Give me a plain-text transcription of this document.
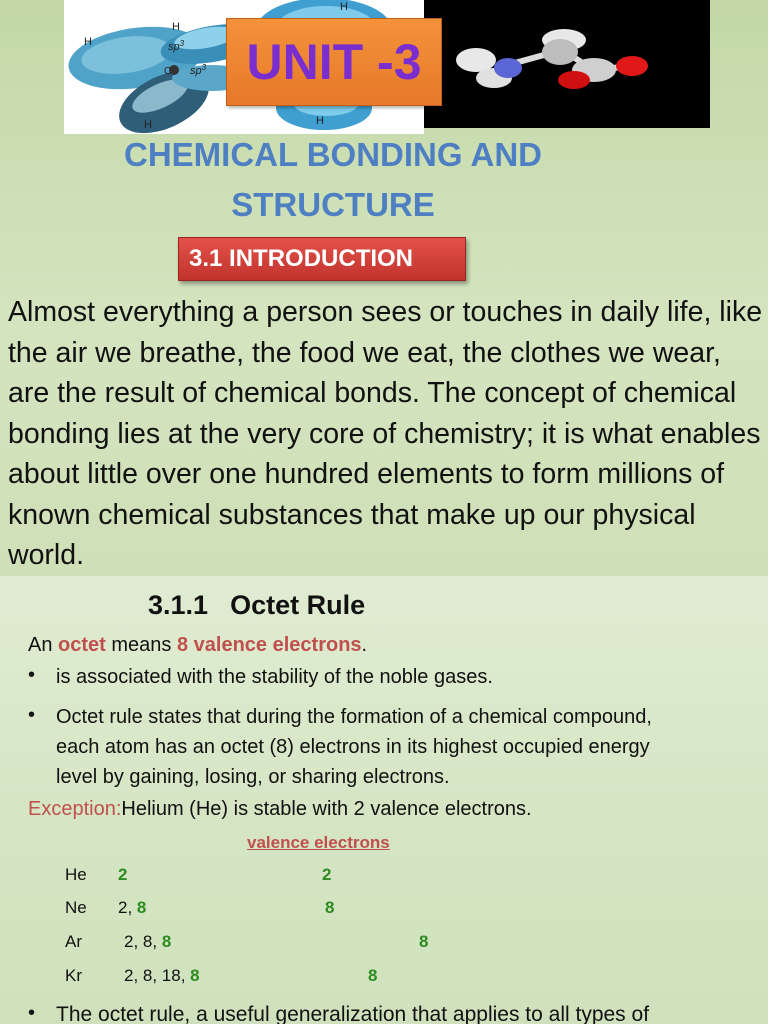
H
H
H
H
$sp^3$
$sp^3$
C
H
UNIT -3
CHEMICAL BONDING AND
STRUCTURE
3.1 INTRODUCTION
Almost everything a person sees or touches in daily life, like the air we breathe, the food we eat, the clothes we wear, are the result of chemical bonds. The concept of chemical bonding lies at the very core of chemistry; it is what enables about little over one hundred elements to form millions of known chemical substances that make up our physical world.
3.1.1 Octet Rule
An octet means 8 valence electrons.
• is associated with the stability of the noble gases.
• Octet rule states that during the formation of a chemical compound,
each atom has an octet (8) electrons in its highest occupied energy
level by gaining, losing, or sharing electrons.
Exception:Helium (He) is stable with 2 valence electrons.
valence electrons
He 2	2
Ne 2, 8	8
Ar 2, 8, 8	8
Kr 2, 8, 18, 8	8
• The octet rule, a useful generalization that applies to all types of
